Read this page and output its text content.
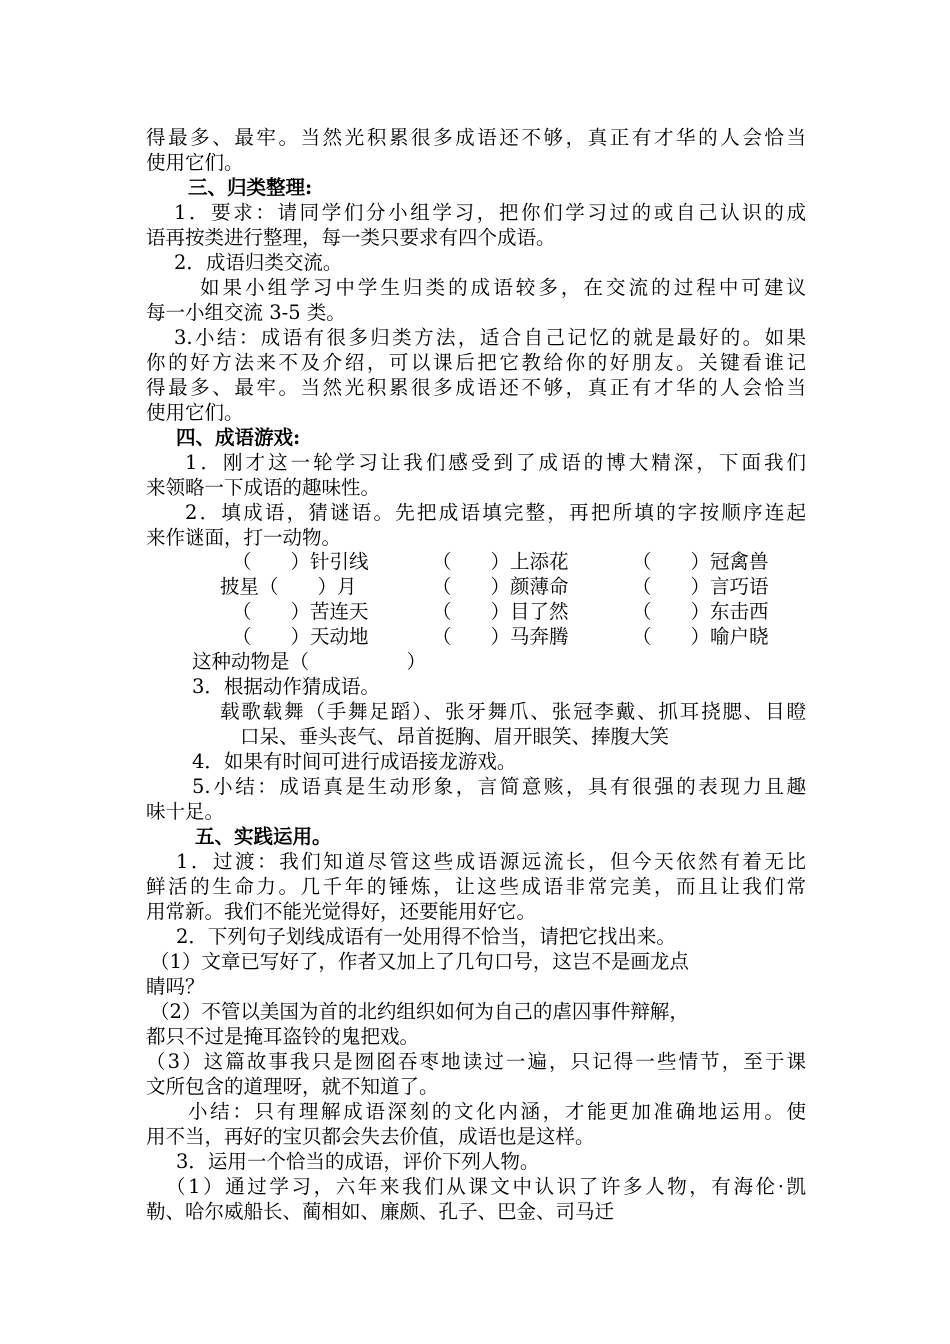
得最多、最牢。当然光积累很多成语还不够，真正有才华的人会恰当
使用它们。
三、归类整理:
1．要求：请同学们分小组学习，把你们学习过的或自己认识的成
语再按类进行整理，每一类只要求有四个成语。
2．成语归类交流。
如果小组学习中学生归类的成语较多，在交流的过程中可建议
每一小组交流 3-5 类。
3.小结：成语有很多归类方法，适合自己记忆的就是最好的。如果
你的好方法来不及介绍，可以课后把它教给你的好朋友。关键看谁记
得最多、最牢。当然光积累很多成语还不够，真正有才华的人会恰当
使用它们。
四、成语游戏:
1．刚才这一轮学习让我们感受到了成语的博大精深，下面我们
来领略一下成语的趣味性。
2．填成语，猜谜语。先把成语填完整，再把所填的字按顺序连起
来作谜面，打一动物。
（　　）针引线	（　　）上添花	（　　）冠禽兽
披星（　　）月	（　　）颜薄命	（　　）言巧语
（　　）苦连天	（　　）目了然	（　　）东击西
（　　）天动地	（　　）马奔腾	（　　）喻户晓
这种动物是（　　　　　）
3．根据动作猜成语。
载歌载舞（手舞足蹈）、张牙舞爪、张冠李戴、抓耳挠腮、目瞪
口呆、垂头丧气、昂首挺胸、眉开眼笑、捧腹大笑
4．如果有时间可进行成语接龙游戏。
5.小结：成语真是生动形象，言简意赅，具有很强的表现力且趣
味十足。
五、实践运用。
1．过渡：我们知道尽管这些成语源远流长，但今天依然有着无比
鲜活的生命力。几千年的锤炼，让这些成语非常完美，而且让我们常
用常新。我们不能光觉得好，还要能用好它。
2．下列句子划线成语有一处用得不恰当，请把它找出来。
（1）文章已写好了，作者又加上了几句口号，这岂不是画龙点
睛吗？
（2）不管以美国为首的北约组织如何为自己的虐囚事件辩解，
都只不过是掩耳盗铃的鬼把戏。
（3）这篇故事我只是囫囵吞枣地读过一遍，只记得一些情节，至于课
文所包含的道理呀，就不知道了。
小结：只有理解成语深刻的文化内涵，才能更加准确地运用。使
用不当，再好的宝贝都会失去价值，成语也是这样。
3．运用一个恰当的成语，评价下列人物。
（1）通过学习，六年来我们从课文中认识了许多人物，有海伦·凯
勒、哈尔威船长、蔺相如、廉颇、孔子、巴金、司马迁
